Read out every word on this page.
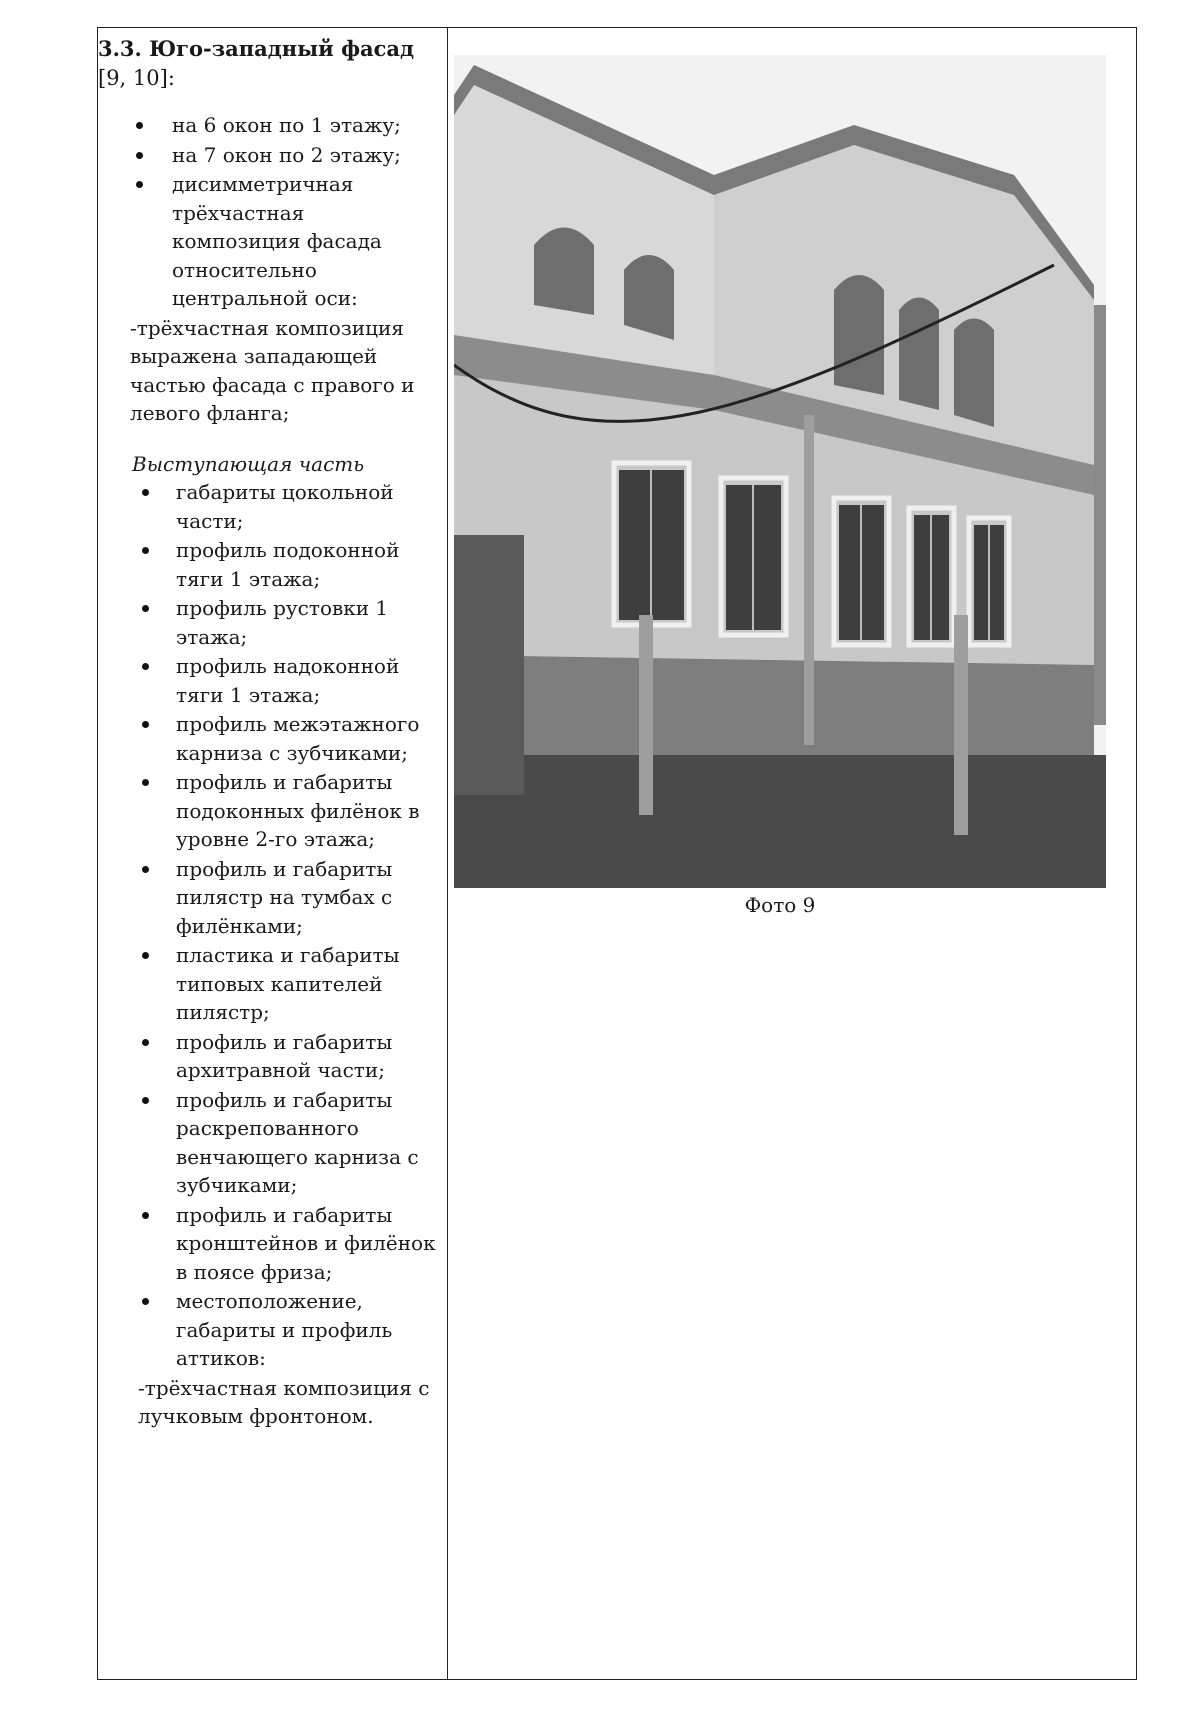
3.3. Юго-западный фасад [9, 10]:
на 6 окон по 1 этажу;
на 7 окон по 2 этажу;
дисимметричная трёхчастная композиция фасада относительно центральной оси:
-трёхчастная композиция выражена западающей частью фасада с правого и левого фланга;
Выступающая часть
габариты цокольной части;
профиль подоконной тяги 1 этажа;
профиль рустовки 1 этажа;
профиль надоконной тяги 1 этажа;
профиль межэтажного карниза с зубчиками;
профиль и габариты подоконных филёнок в уровне 2-го этажа;
профиль и габариты пилястр на тумбах с филёнками;
пластика и габариты типовых капителей пилястр;
профиль и габариты архитравной части;
профиль и габариты раскрепованного венчающего карниза с зубчиками;
профиль и габариты кронштейнов и филёнок в поясе фриза;
местоположение, габариты и профиль аттиков:
-трёхчастная композиция с лучковым фронтоном.
Фото 9
